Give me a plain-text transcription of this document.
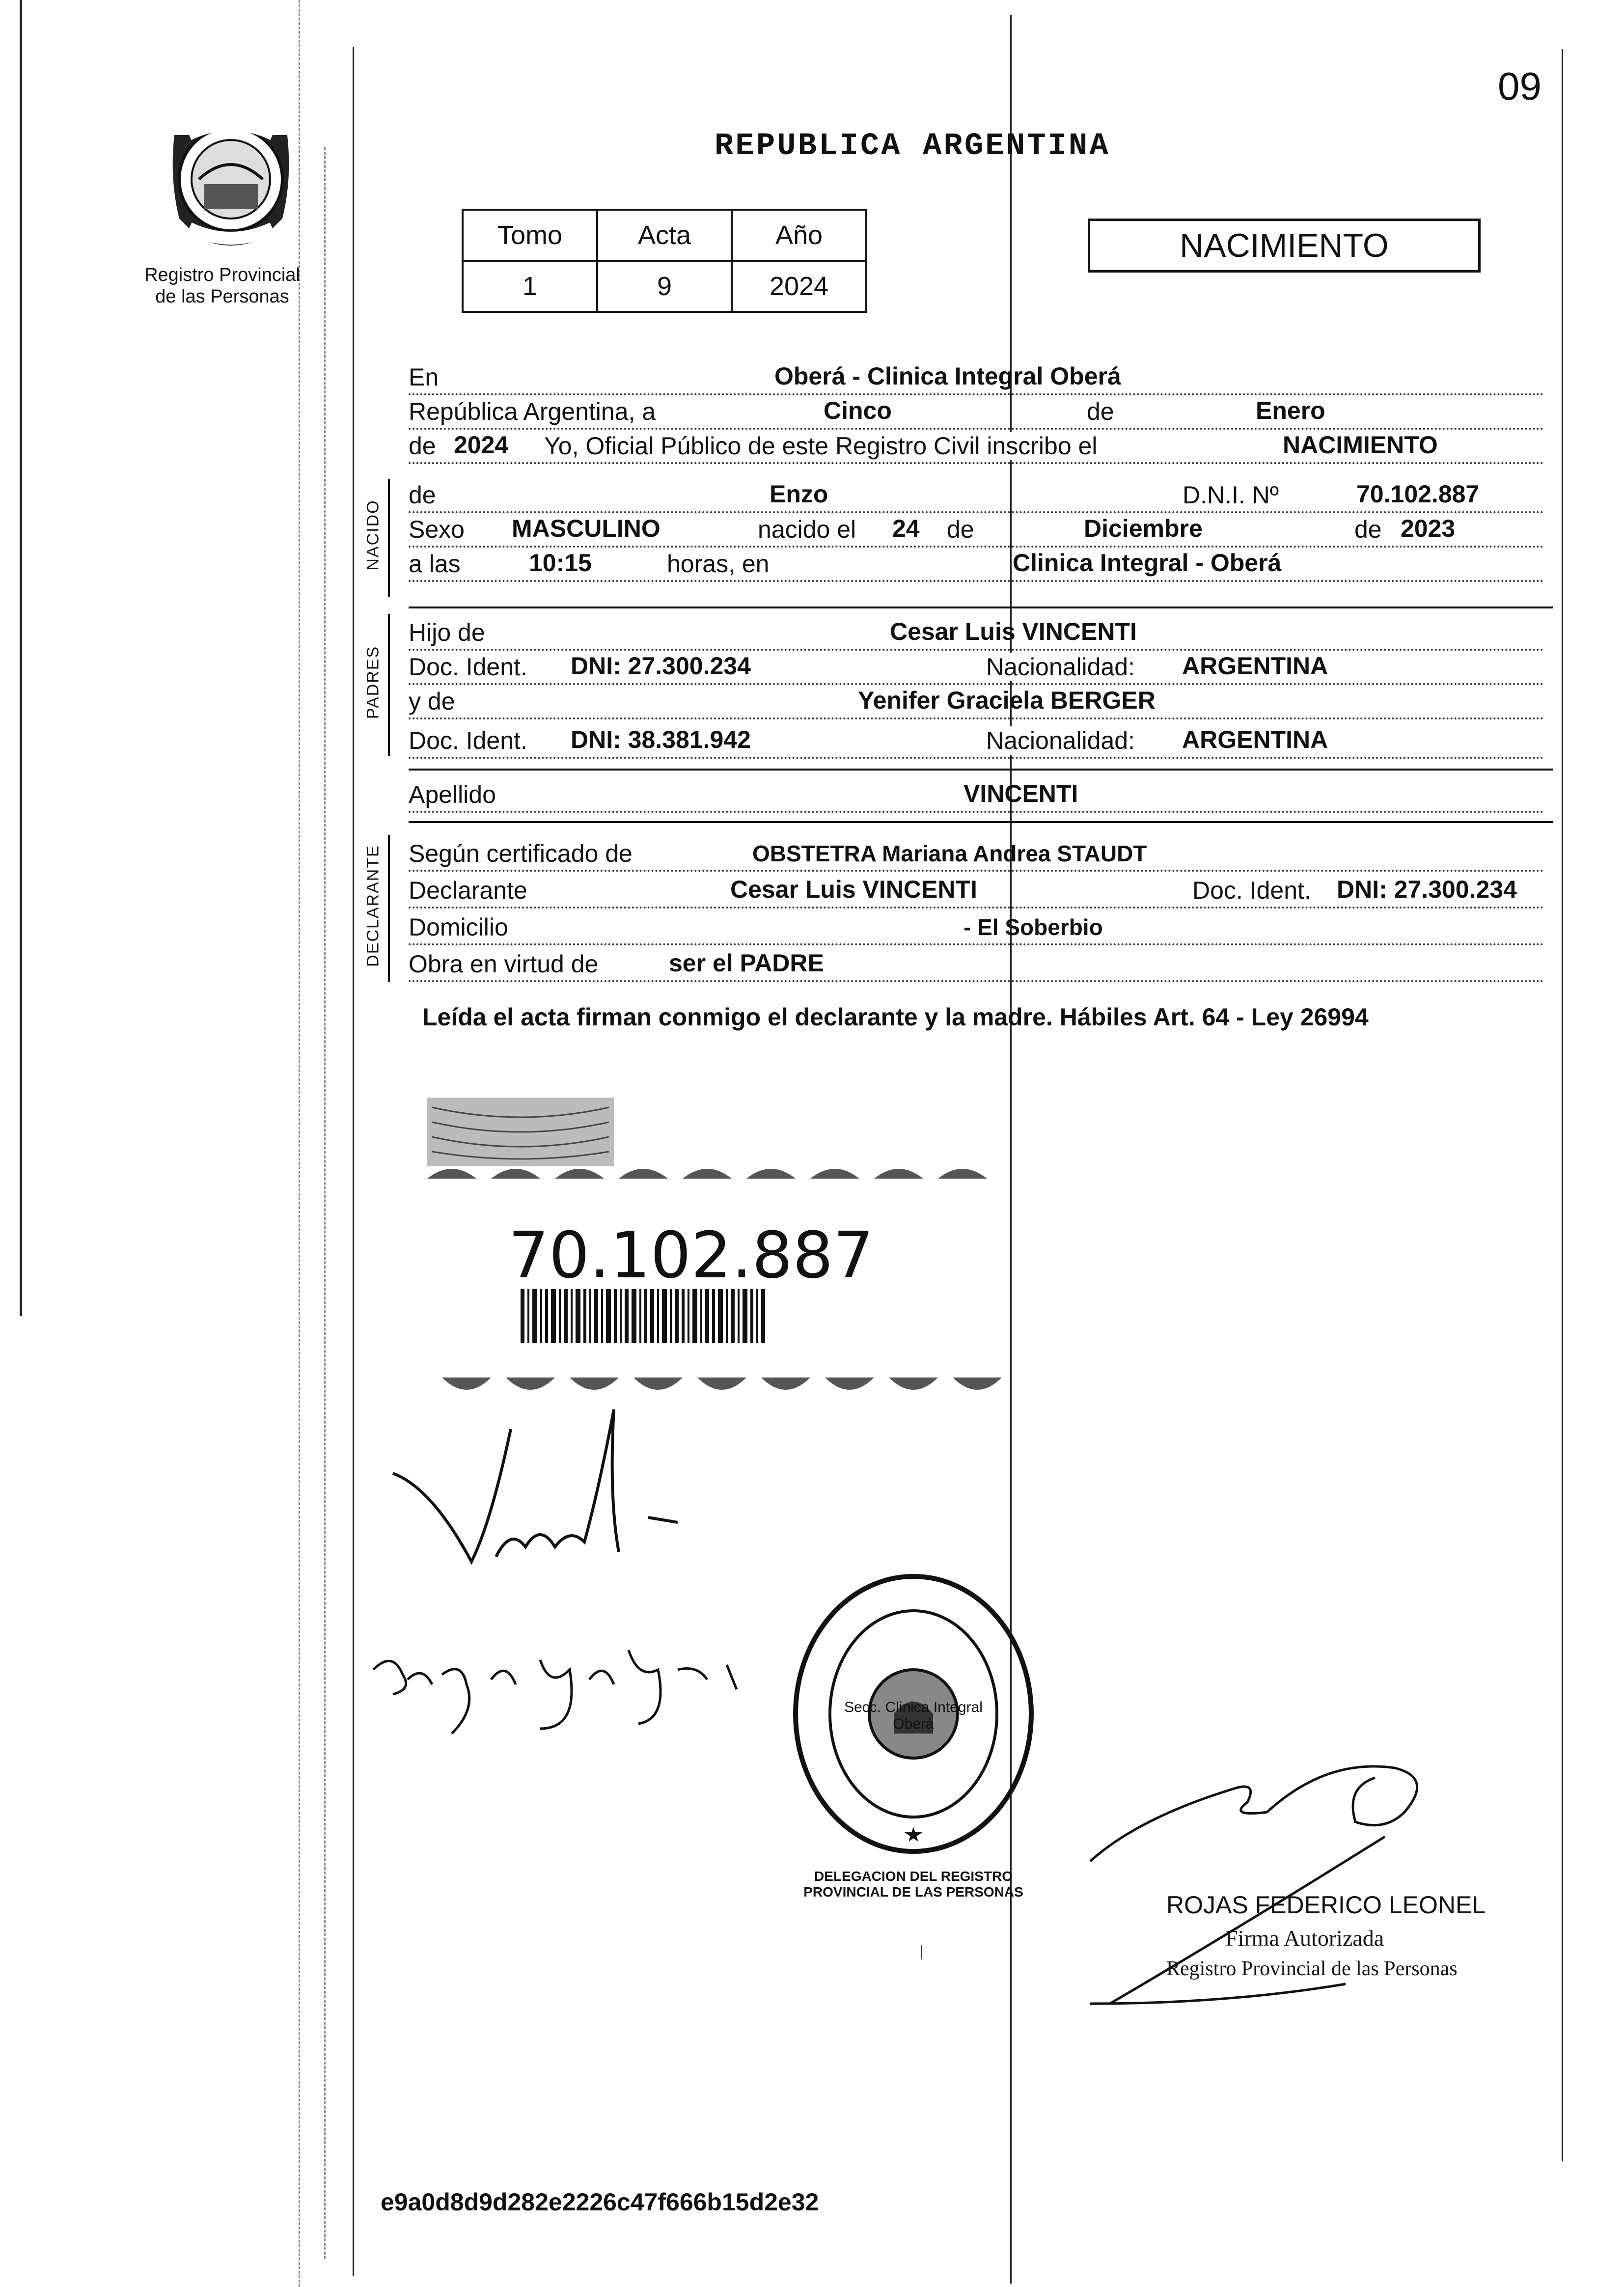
09
Registro Provincial
de las Personas
REPUBLICA ARGENTINA
Tomo	Acta	Año
1	9	2024
NACIMIENTO
En	Oberá - Clinica Integral Oberá
República Argentina, a	Cinco	de	Enero
de 2024 Yo, Oficial Público de este Registro Civil inscribo el	NACIMIENTO
NACIDO
de	Enzo	D.N.I. Nº	70.102.887
Sexo MASCULINO	nacido el 24 de	Diciembre	de 2023
a las	10:15	horas, en	Clinica Integral - Oberá
PADRES
Hijo de	Cesar Luis VINCENTI
Doc. Ident. DNI: 27.300.234	Nacionalidad: ARGENTINA
y de	Yenifer Graciela BERGER
Doc. Ident. DNI: 38.381.942	Nacionalidad: ARGENTINA
Apellido	VINCENTI
DECLARANTE Según certificado de	OBSTETRA Mariana Andrea STAUDT
Declarante	Cesar Luis VINCENTI	Doc. Ident. DNI: 27.300.234
Domicilio	- El Soberbio
Obra en virtud de	ser el PADRE
Leída el acta firman conmigo el declarante y la madre. Hábiles Art. 64 - Ley 26994
70.102.887
DELEGACION DEL REGISTRO PROVINCIAL DE LAS PERSONAS
Secc. Clinica Integral Oberá
ROJAS FEDERICO LEONEL
Firma Autorizada
Registro Provincial de las Personas
e9a0d8d9d282e2226c47f666b15d2e32
